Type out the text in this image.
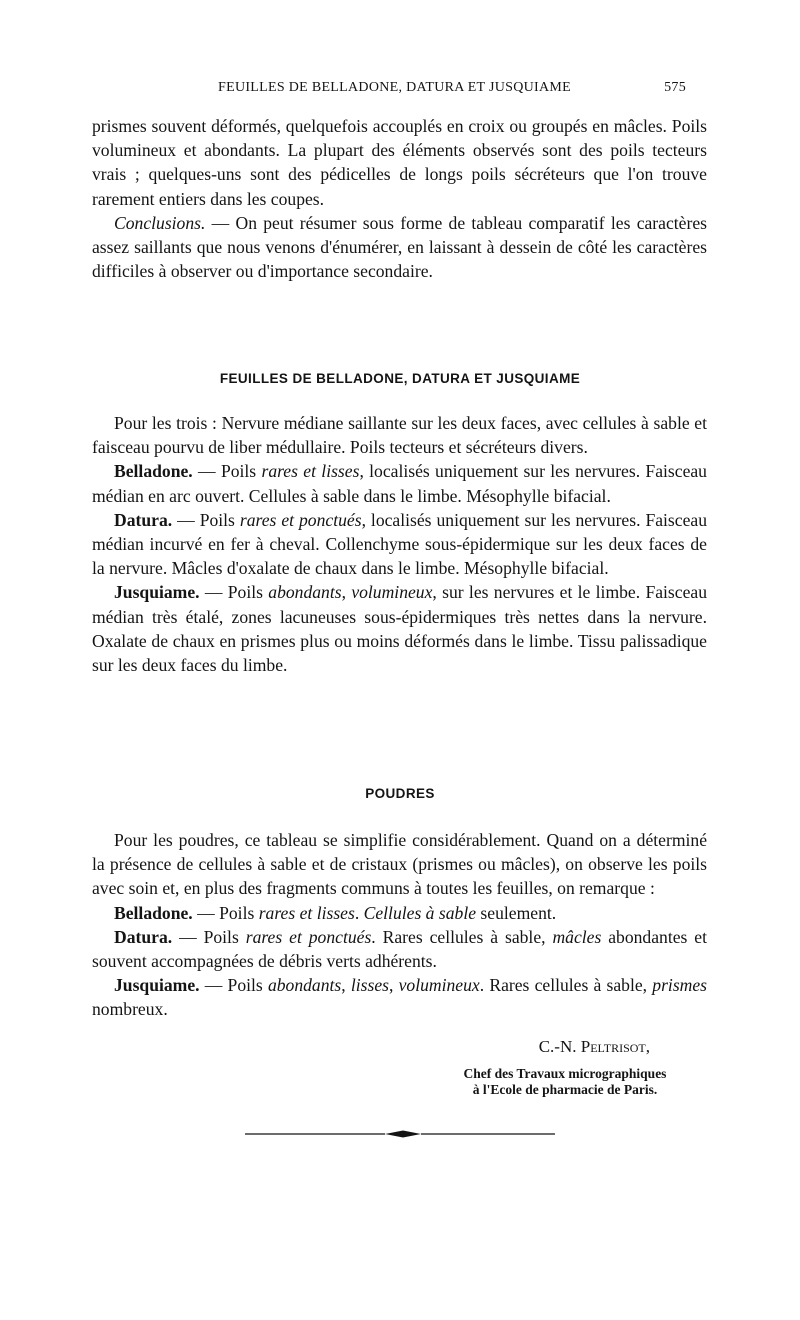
FEUILLES DE BELLADONE, DATURA ET JUSQUIAME	575

prismes souvent déformés, quelquefois accouplés en croix ou groupés en mâcles. Poils volumineux et abondants. La plupart des éléments observés sont des poils tecteurs vrais ; quelques-uns sont des pédicelles de longs poils sécréteurs que l'on trouve rarement entiers dans les coupes.

Conclusions. — On peut résumer sous forme de tableau comparatif les caractères assez saillants que nous venons d'énumérer, en laissant à dessein de côté les caractères difficiles à observer ou d'importance secondaire.

FEUILLES DE BELLADONE, DATURA ET JUSQUIAME

Pour les trois : Nervure médiane saillante sur les deux faces, avec cellules à sable et faisceau pourvu de liber médullaire. Poils tecteurs et sécréteurs divers.

Belladone. — Poils rares et lisses, localisés uniquement sur les nervures. Faisceau médian en arc ouvert. Cellules à sable dans le limbe. Mésophylle bifacial.

Datura. — Poils rares et ponctués, localisés uniquement sur les nervures. Faisceau médian incurvé en fer à cheval. Collenchyme sous-épidermique sur les deux faces de la nervure. Mâcles d'oxalate de chaux dans le limbe. Mésophylle bifacial.

Jusquiame. — Poils abondants, volumineux, sur les nervures et le limbe. Faisceau médian très étalé, zones lacuneuses sous-épidermiques très nettes dans la nervure. Oxalate de chaux en prismes plus ou moins déformés dans le limbe. Tissu palissadique sur les deux faces du limbe.

POUDRES

Pour les poudres, ce tableau se simplifie considérablement. Quand on a déterminé la présence de cellules à sable et de cristaux (prismes ou mâcles), on observe les poils avec soin et, en plus des fragments communs à toutes les feuilles, on remarque :

Belladone. — Poils rares et lisses. Cellules à sable seulement.

Datura. — Poils rares et ponctués. Rares cellules à sable, mâcles abondantes et souvent accompagnées de débris verts adhérents.

Jusquiame. — Poils abondants, lisses, volumineux. Rares cellules à sable, prismes nombreux.

C.-N. Peltrisot,
Chef des Travaux micrographiques
à l'Ecole de pharmacie de Paris.
